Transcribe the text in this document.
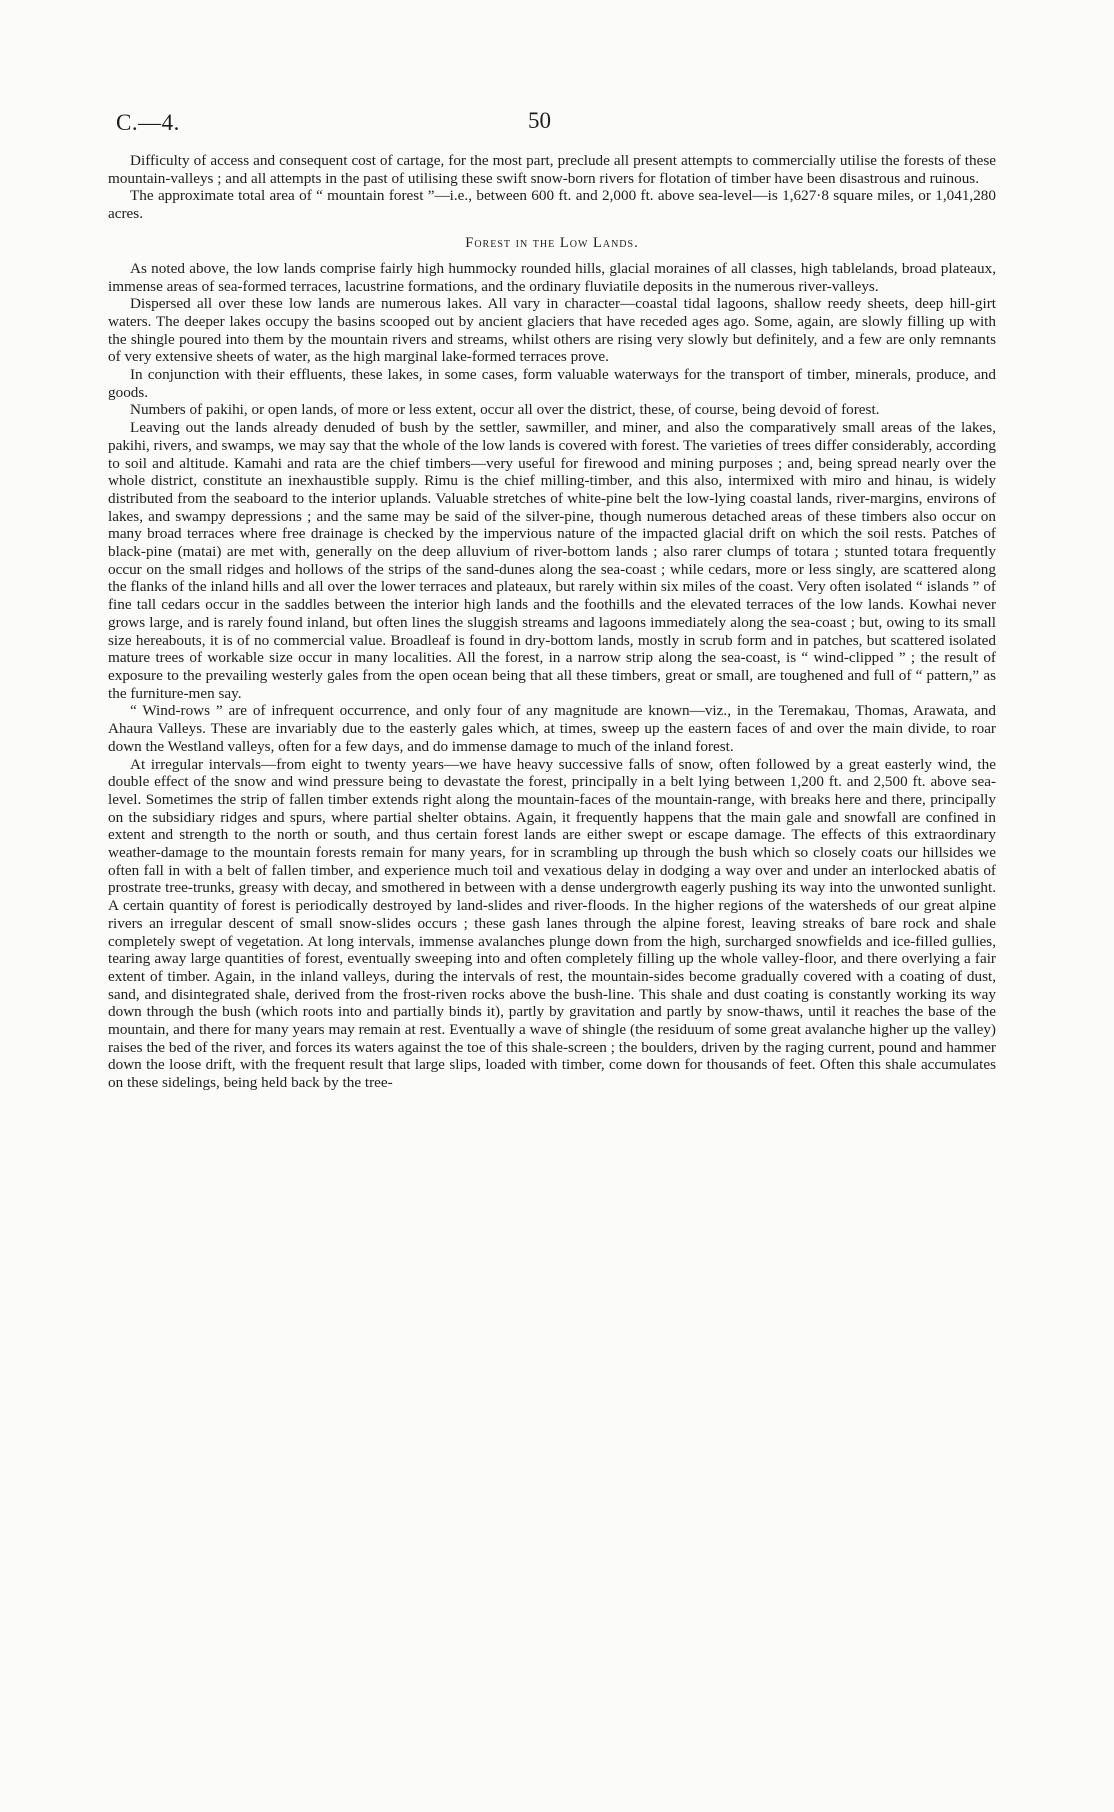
C.—4.	50

Difficulty of access and consequent cost of cartage, for the most part, preclude all present attempts to commercially utilise the forests of these mountain-valleys ; and all attempts in the past of utilising these swift snow-born rivers for flotation of timber have been disastrous and ruinous.

The approximate total area of “ mountain forest ”—i.e., between 600 ft. and 2,000 ft. above sea-level—is 1,627·8 square miles, or 1,041,280 acres.

Forest in the Low Lands.

As noted above, the low lands comprise fairly high hummocky rounded hills, glacial moraines of all classes, high tablelands, broad plateaux, immense areas of sea-formed terraces, lacustrine formations, and the ordinary fluviatile deposits in the numerous river-valleys.

Dispersed all over these low lands are numerous lakes. All vary in character—coastal tidal lagoons, shallow reedy sheets, deep hill-girt waters. The deeper lakes occupy the basins scooped out by ancient glaciers that have receded ages ago. Some, again, are slowly filling up with the shingle poured into them by the mountain rivers and streams, whilst others are rising very slowly but definitely, and a few are only remnants of very extensive sheets of water, as the high marginal lake-formed terraces prove.

In conjunction with their effluents, these lakes, in some cases, form valuable waterways for the transport of timber, minerals, produce, and goods.

Numbers of pakihi, or open lands, of more or less extent, occur all over the district, these, of course, being devoid of forest.

Leaving out the lands already denuded of bush by the settler, sawmiller, and miner, and also the comparatively small areas of the lakes, pakihi, rivers, and swamps, we may say that the whole of the low lands is covered with forest. The varieties of trees differ considerably, according to soil and altitude. Kamahi and rata are the chief timbers—very useful for firewood and mining purposes ; and, being spread nearly over the whole district, constitute an inexhaustible supply. Rimu is the chief milling-timber, and this also, intermixed with miro and hinau, is widely distributed from the seaboard to the interior uplands. Valuable stretches of white-pine belt the low-lying coastal lands, river-margins, environs of lakes, and swampy depressions ; and the same may be said of the silver-pine, though numerous detached areas of these timbers also occur on many broad terraces where free drainage is checked by the impervious nature of the impacted glacial drift on which the soil rests. Patches of black-pine (matai) are met with, generally on the deep alluvium of river-bottom lands ; also rarer clumps of totara ; stunted totara frequently occur on the small ridges and hollows of the strips of the sand-dunes along the sea-coast ; while cedars, more or less singly, are scattered along the flanks of the inland hills and all over the lower terraces and plateaux, but rarely within six miles of the coast. Very often isolated “ islands ” of fine tall cedars occur in the saddles between the interior high lands and the foothills and the elevated terraces of the low lands. Kowhai never grows large, and is rarely found inland, but often lines the sluggish streams and lagoons immediately along the sea-coast ; but, owing to its small size hereabouts, it is of no commercial value. Broadleaf is found in dry-bottom lands, mostly in scrub form and in patches, but scattered isolated mature trees of workable size occur in many localities. All the forest, in a narrow strip along the sea-coast, is “ wind-clipped ” ; the result of exposure to the prevailing westerly gales from the open ocean being that all these timbers, great or small, are toughened and full of “ pattern,” as the furniture-men say.

“ Wind-rows ” are of infrequent occurrence, and only four of any magnitude are known—viz., in the Teremakau, Thomas, Arawata, and Ahaura Valleys. These are invariably due to the easterly gales which, at times, sweep up the eastern faces of and over the main divide, to roar down the Westland valleys, often for a few days, and do immense damage to much of the inland forest.

At irregular intervals—from eight to twenty years—we have heavy successive falls of snow, often followed by a great easterly wind, the double effect of the snow and wind pressure being to devastate the forest, principally in a belt lying between 1,200 ft. and 2,500 ft. above sea-level. Sometimes the strip of fallen timber extends right along the mountain-faces of the mountain-range, with breaks here and there, principally on the subsidiary ridges and spurs, where partial shelter obtains. Again, it frequently happens that the main gale and snowfall are confined in extent and strength to the north or south, and thus certain forest lands are either swept or escape damage. The effects of this extraordinary weather-damage to the mountain forests remain for many years, for in scrambling up through the bush which so closely coats our hillsides we often fall in with a belt of fallen timber, and experience much toil and vexatious delay in dodging a way over and under an interlocked abatis of prostrate tree-trunks, greasy with decay, and smothered in between with a dense undergrowth eagerly pushing its way into the unwonted sunlight. A certain quantity of forest is periodically destroyed by land-slides and river-floods. In the higher regions of the watersheds of our great alpine rivers an irregular descent of small snow-slides occurs ; these gash lanes through the alpine forest, leaving streaks of bare rock and shale completely swept of vegetation. At long intervals, immense avalanches plunge down from the high, surcharged snowfields and ice-filled gullies, tearing away large quantities of forest, eventually sweeping into and often completely filling up the whole valley-floor, and there overlying a fair extent of timber. Again, in the inland valleys, during the intervals of rest, the mountain-sides become gradually covered with a coating of dust, sand, and disintegrated shale, derived from the frost-riven rocks above the bush-line. This shale and dust coating is constantly working its way down through the bush (which roots into and partially binds it), partly by gravitation and partly by snow-thaws, until it reaches the base of the mountain, and there for many years may remain at rest. Eventually a wave of shingle (the residuum of some great avalanche higher up the valley) raises the bed of the river, and forces its waters against the toe of this shale-screen ; the boulders, driven by the raging current, pound and hammer down the loose drift, with the frequent result that large slips, loaded with timber, come down for thousands of feet. Often this shale accumulates on these sidelings, being held back by the tree-
